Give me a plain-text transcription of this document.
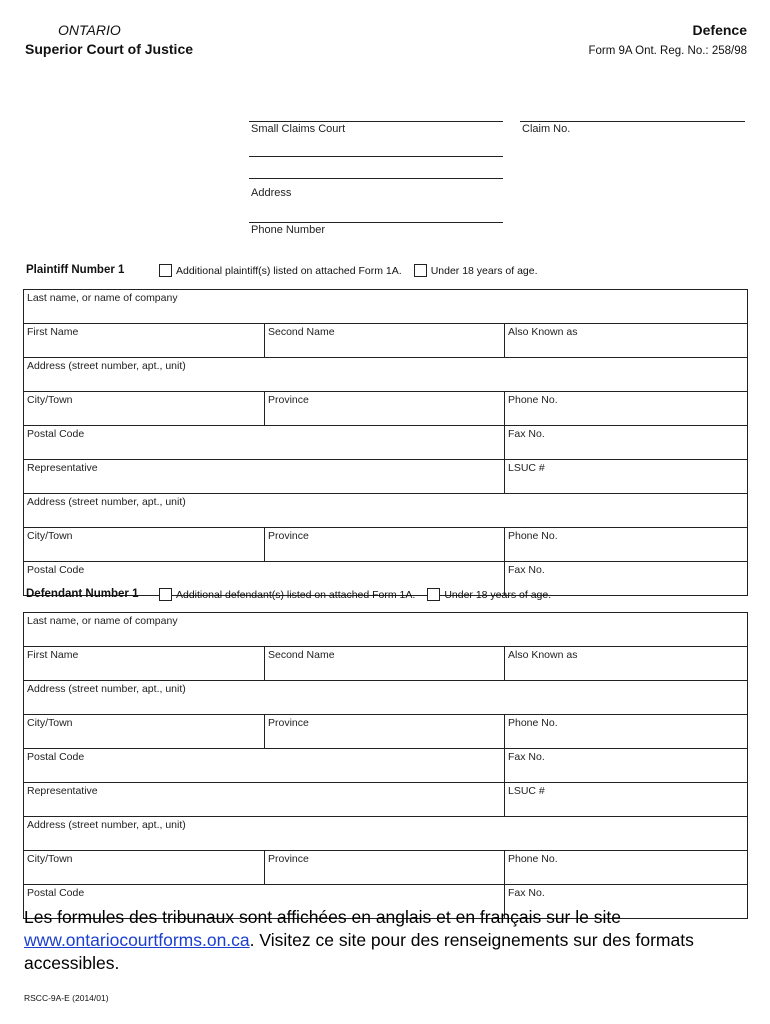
ONTARIO
Superior Court of Justice
Defence
Form 9A Ont. Reg. No.: 258/98
Small Claims Court	Claim No.
Address
Phone Number
Plaintiff Number 1	Additional plaintiff(s) listed on attached Form 1A.	Under 18 years of age.
Last name, or name of company		
First Name	Second Name	Also Known as
Address (street number, apt., unit)		
City/Town	Province	Phone No.
Postal Code		Fax No.
Representative		LSUC #
Address (street number, apt., unit)		
City/Town	Province	Phone No.
Postal Code		Fax No.
Defendant Number 1	Additional defendant(s) listed on attached Form 1A.	Under 18 years of age.
Last name, or name of company		
First Name	Second Name	Also Known as
Address (street number, apt., unit)		
City/Town	Province	Phone No.
Postal Code		Fax No.
Representative		LSUC #
Address (street number, apt., unit)		
City/Town	Province	Phone No.
Postal Code		Fax No.
Les formules des tribunaux sont affichées en anglais et en français sur le site www.ontariocourtforms.on.ca. Visitez ce site pour des renseignements sur des formats accessibles.
RSCC-9A-E (2014/01)
